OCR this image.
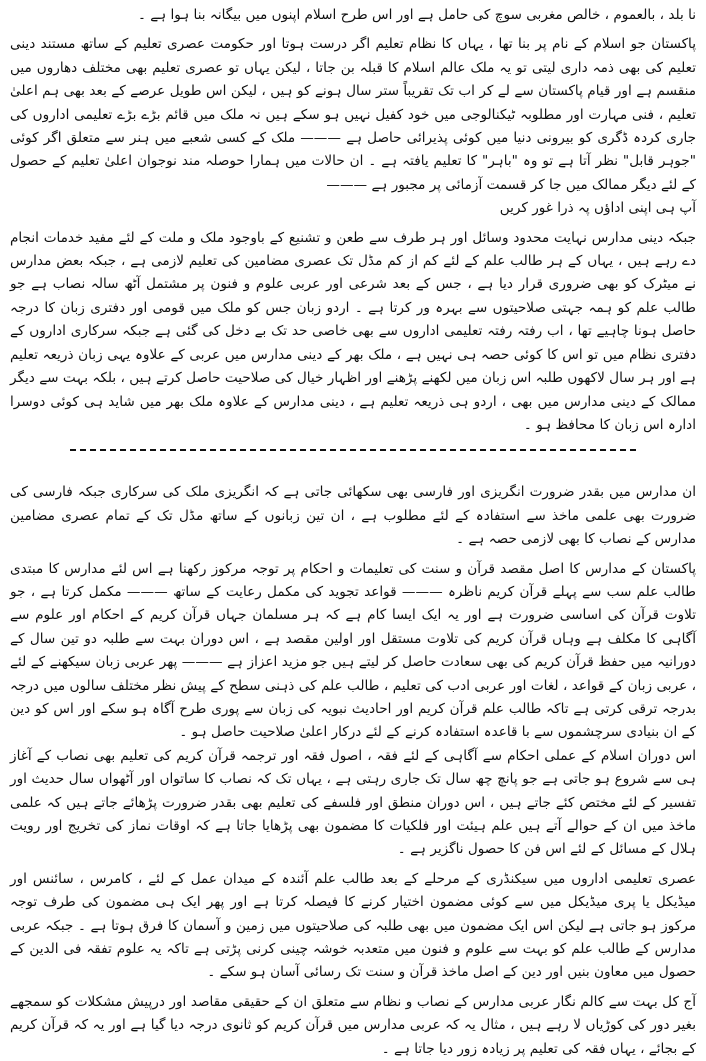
نا بلد ، بالعموم ، خالص مغربی سوچ کی حامل ہے اور اس طرح اسلام اپنوں میں بیگانہ بنا ہوا ہے ۔

پاکستان جو اسلام کے نام پر بنا تھا ، یہاں کا نظام تعلیم اگر درست ہوتا اور حکومت عصری تعلیم کے ساتھ مستند دینی تعلیم کی بھی ذمہ داری لیتی تو یہ ملک عالم اسلام کا قبلہ بن جاتا ، لیکن یہاں تو عصری تعلیم بھی مختلف دھاروں میں منقسم ہے اور قیام پاکستان سے لے کر اب تک تقریباً ستر سال ہونے کو ہیں ، لیکن اس طویل عرصے کے بعد بھی ہم اعلیٰ تعلیم ، فنی مہارت اور مطلوبہ ٹیکنالوجی میں خود کفیل نہیں ہو سکے ہیں نہ ملک میں قائم بڑے بڑے تعلیمی اداروں کی جاری کردہ ڈگری کو بیرونی دنیا میں کوئی پذیرائی حاصل ہے ——— ملک کے کسی شعبے میں ہنر سے متعلق اگر کوئی "جوہر قابل" نظر آتا ہے تو وہ "باہر" کا تعلیم یافتہ ہے ۔ ان حالات میں ہمارا حوصلہ مند نوجوان اعلیٰ تعلیم کے حصول کے لئے دیگر ممالک میں جا کر قسمت آزمائی پر مجبور ہے ———

آپ ہی اپنی اداؤں پہ ذرا غور کریں

جبکہ دینی مدارس نہایت محدود وسائل اور ہر طرف سے طعن و تشنیع کے باوجود ملک و ملت کے لئے مفید خدمات انجام دے رہے ہیں ، یہاں کے ہر طالب علم کے لئے کم از کم مڈل تک عصری مضامین کی تعلیم لازمی ہے ، جبکہ بعض مدارس نے میٹرک کو بھی ضروری قرار دیا ہے ، جس کے بعد شرعی اور عربی علوم و فنون پر مشتمل آٹھ سالہ نصاب ہے جو طالب علم کو ہمہ جہتی صلاحیتوں سے بہرہ ور کرتا ہے ۔ اردو زبان جس کو ملک میں قومی اور دفتری زبان کا درجہ حاصل ہونا چاہیے تھا ، اب رفتہ رفتہ تعلیمی اداروں سے بھی خاصی حد تک بے دخل کی گئی ہے جبکہ سرکاری اداروں کے دفتری نظام میں تو اس کا کوئی حصہ ہی نہیں ہے ، ملک بھر کے دینی مدارس میں عربی کے علاوہ یہی زبان ذریعہ تعلیم ہے اور ہر سال لاکھوں طلبہ اس زبان میں لکھنے پڑھنے اور اظہار خیال کی صلاحیت حاصل کرتے ہیں ، بلکہ بہت سے دیگر ممالک کے دینی مدارس میں بھی ، اردو ہی ذریعہ تعلیم ہے ، دینی مدارس کے علاوہ ملک بھر میں شاید ہی کوئی دوسرا ادارہ اس زبان کا محافظ ہو ۔

ان مدارس میں بقدر ضرورت انگریزی اور فارسی بھی سکھائی جاتی ہے کہ انگریزی ملک کی سرکاری جبکہ فارسی کی ضرورت بھی علمی ماخذ سے استفادہ کے لئے مطلوب ہے ، ان تین زبانوں کے ساتھ مڈل تک کے تمام عصری مضامین مدارس کے نصاب کا بھی لازمی حصہ ہے ۔

پاکستان کے مدارس کا اصل مقصد قرآن و سنت کی تعلیمات و احکام پر توجہ مرکوز رکھنا ہے اس لئے مدارس کا مبتدی طالب علم سب سے پہلے قرآن کریم ناظرہ ——— قواعد تجوید کی مکمل رعایت کے ساتھ ——— مکمل کرتا ہے ، جو تلاوت قرآن کی اساسی ضرورت ہے اور یہ ایک ایسا کام ہے کہ ہر مسلمان جہاں قرآن کریم کے احکام اور علوم سے آگاہی کا مکلف ہے وہاں قرآن کریم کی تلاوت مستقل اور اولین مقصد ہے ، اس دوران بہت سے طلبہ دو تین سال کے دورانیہ میں حفظ قرآن کریم کی بھی سعادت حاصل کر لیتے ہیں جو مزید اعزاز ہے ——— پھر عربی زبان سیکھنے کے لئے ، عربی زبان کے قواعد ، لغات اور عربی ادب کی تعلیم ، طالب علم کی ذہنی سطح کے پیش نظر مختلف سالوں میں درجہ بدرجہ ترقی کرتی ہے تاکہ طالب علم قرآن کریم اور احادیث نبویہ کی زبان سے پوری طرح آگاہ ہو سکے اور اس کو دین کے ان بنیادی سرچشموں سے با قاعدہ استفادہ کرنے کے لئے درکار اعلیٰ صلاحیت حاصل ہو ۔

اس دوران اسلام کے عملی احکام سے آگاہی کے لئے فقہ ، اصول فقہ اور ترجمہ قرآن کریم کی تعلیم بھی نصاب کے آغاز ہی سے شروع ہو جاتی ہے جو پانچ چھ سال تک جاری رہتی ہے ، یہاں تک کہ نصاب کا ساتواں اور آٹھواں سال حدیث اور تفسیر کے لئے مختص کئے جاتے ہیں ، اس دوران منطق اور فلسفے کی تعلیم بھی بقدر ضرورت پڑھائے جاتے ہیں کہ علمی ماخذ میں ان کے حوالے آتے ہیں علم ہیئت اور فلکیات کا مضمون بھی پڑھایا جاتا ہے کہ اوقات نماز کی تخریج اور رویت ہلال کے مسائل کے لئے اس فن کا حصول ناگزیر ہے ۔

عصری تعلیمی اداروں میں سیکنڈری کے مرحلے کے بعد طالب علم آئندہ کے میدان عمل کے لئے ، کامرس ، سائنس اور میڈیکل یا پری میڈیکل میں سے کوئی مضمون اختیار کرنے کا فیصلہ کرتا ہے اور پھر ایک ہی مضمون کی طرف توجہ مرکوز ہو جاتی ہے لیکن اس ایک مضمون میں بھی طلبہ کی صلاحیتوں میں زمین و آسمان کا فرق ہوتا ہے ۔ جبکہ عربی مدارس کے طالب علم کو بہت سے علوم و فنون میں متعدبہ خوشہ چینی کرنی پڑتی ہے تاکہ یہ علوم تفقہ فی الدین کے حصول میں معاون بنیں اور دین کے اصل ماخذ قرآن و سنت تک رسائی آسان ہو سکے ۔

آج کل بہت سے کالم نگار عربی مدارس کے نصاب و نظام سے متعلق ان کے حقیقی مقاصد اور درپیش مشکلات کو سمجھے بغیر دور کی کوڑیاں لا رہے ہیں ، مثال یہ کہ عربی مدارس میں قرآن کریم کو ثانوی درجہ دیا گیا ہے اور یہ کہ قرآن کریم کے بجائے ، یہاں فقہ کی تعلیم پر زیادہ زور دیا جاتا ہے ۔
